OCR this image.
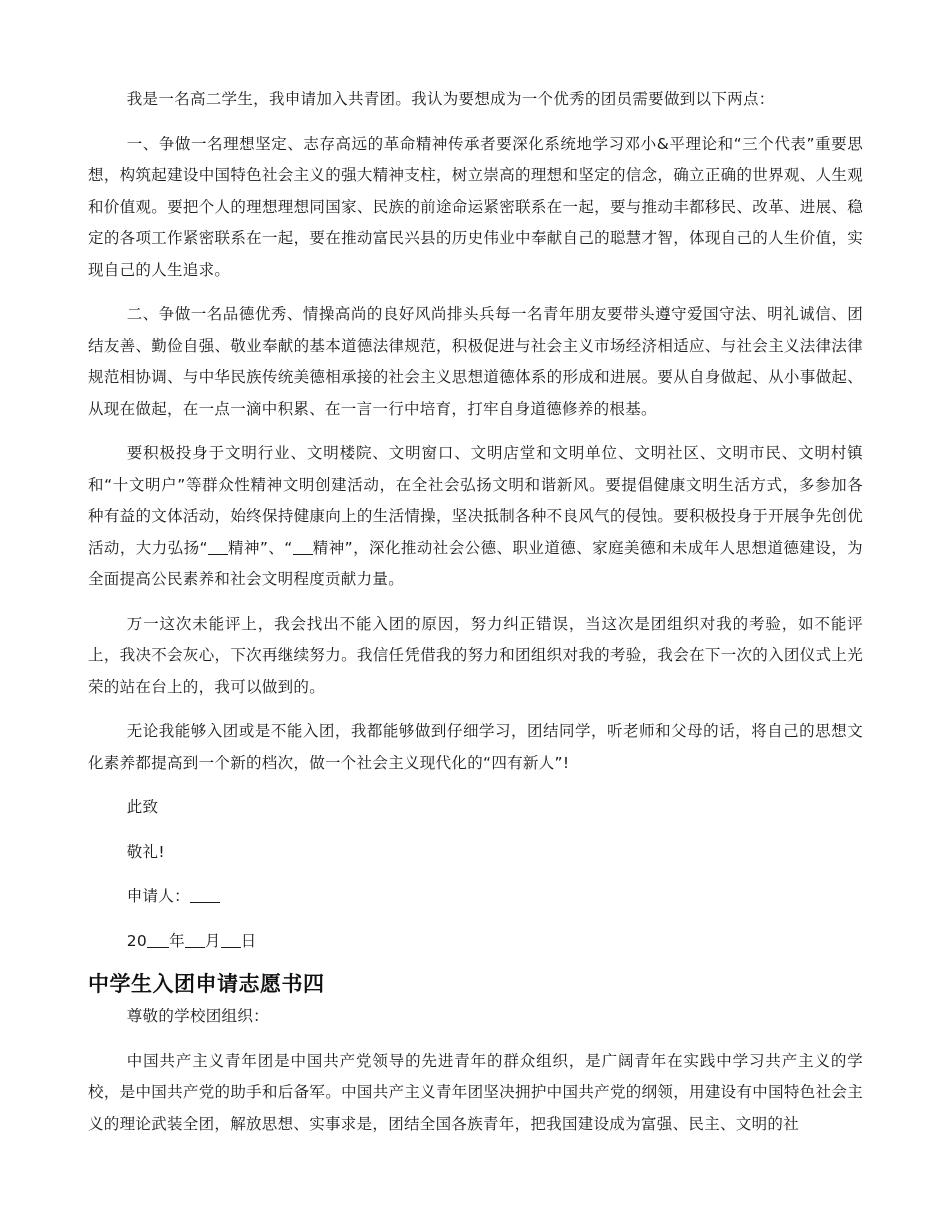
我是一名高二学生，我申请加入共青团。我认为要想成为一个优秀的团员需要做到以下两点：

一、争做一名理想坚定、志存高远的革命精神传承者要深化系统地学习邓小&平理论和“三个代表”重要思想，构筑起建设中国特色社会主义的强大精神支柱，树立崇高的理想和坚定的信念，确立正确的世界观、人生观和价值观。要把个人的理想理想同国家、民族的前途命运紧密联系在一起，要与推动丰都移民、改革、进展、稳定的各项工作紧密联系在一起，要在推动富民兴县的历史伟业中奉献自己的聪慧才智，体现自己的人生价值，实现自己的人生追求。

二、争做一名品德优秀、情操高尚的良好风尚排头兵每一名青年朋友要带头遵守爱国守法、明礼诚信、团结友善、勤俭自强、敬业奉献的基本道德法律规范，积极促进与社会主义市场经济相适应、与社会主义法律法律规范相协调、与中华民族传统美德相承接的社会主义思想道德体系的形成和进展。要从自身做起、从小事做起、从现在做起，在一点一滴中积累、在一言一行中培育，打牢自身道德修养的根基。

要积极投身于文明行业、文明楼院、文明窗口、文明店堂和文明单位、文明社区、文明市民、文明村镇和“十文明户”等群众性精神文明创建活动，在全社会弘扬文明和谐新风。要提倡健康文明生活方式，多参加各种有益的文体活动，始终保持健康向上的生活情操，坚决抵制各种不良风气的侵蚀。要积极投身于开展争先创优活动，大力弘扬“ 精神”、“ 精神”，深化推动社会公德、职业道德、家庭美德和未成年人思想道德建设，为全面提高公民素养和社会文明程度贡献力量。

万一这次未能评上，我会找出不能入团的原因，努力纠正错误，当这次是团组织对我的考验，如不能评上，我决不会灰心，下次再继续努力。我信任凭借我的努力和团组织对我的考验，我会在下一次的入团仪式上光荣的站在台上的，我可以做到的。

无论我能够入团或是不能入团，我都能够做到仔细学习，团结同学，听老师和父母的话，将自己的思想文化素养都提高到一个新的档次，做一个社会主义现代化的“四有新人”!

此致

敬礼!

申请人：

20 年 月 日

中学生入团申请志愿书四

尊敬的学校团组织：

中国共产主义青年团是中国共产党领导的先进青年的群众组织，是广阔青年在实践中学习共产主义的学校，是中国共产党的助手和后备军。中国共产主义青年团坚决拥护中国共产党的纲领，用建设有中国特色社会主义的理论武装全团，解放思想、实事求是，团结全国各族青年，把我国建设成为富强、民主、文明的社
